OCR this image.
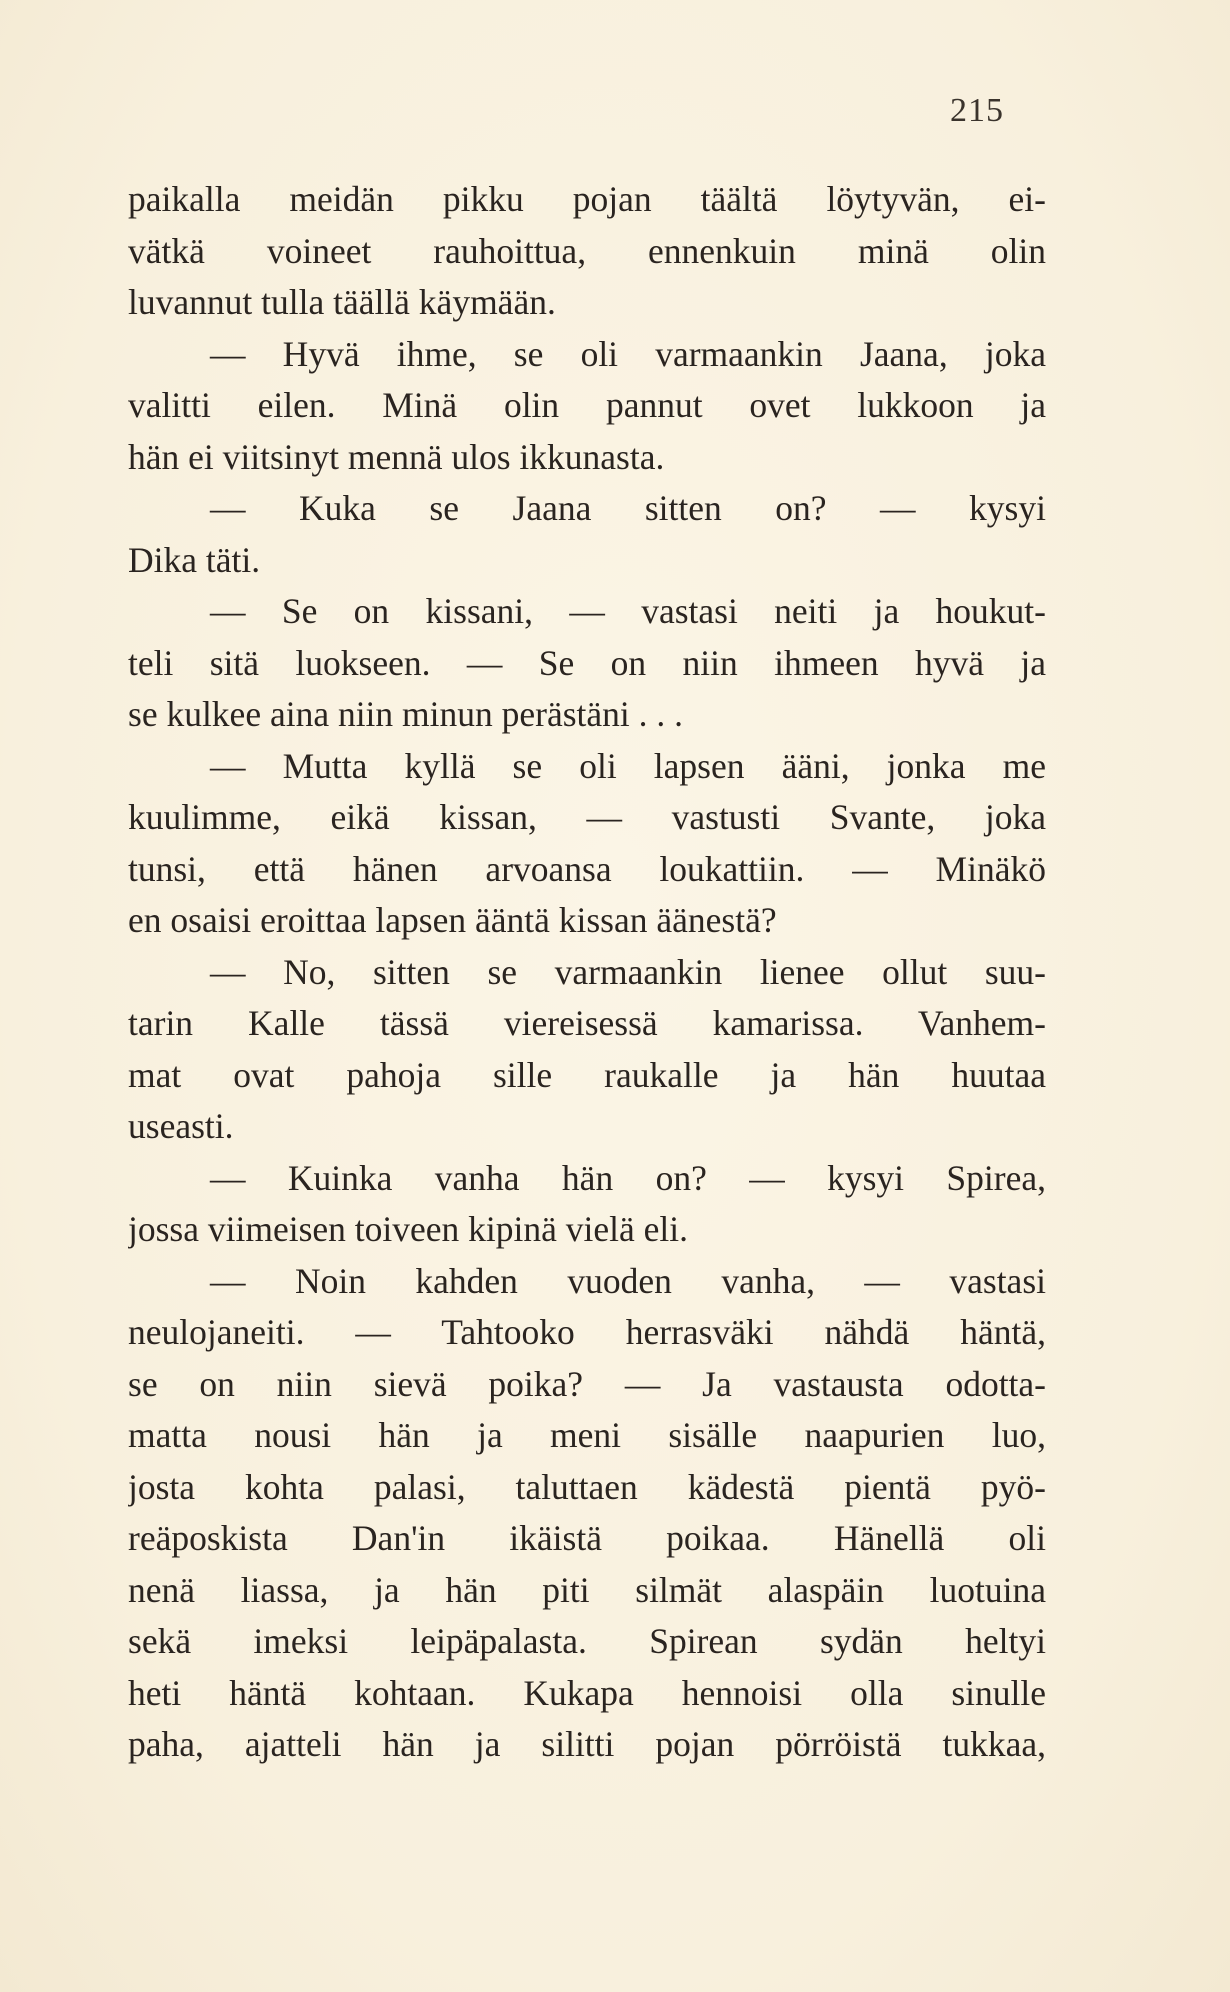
215
paikalla meidän pikku pojan täältä löytyvän, ei-
vätkä voineet rauhoittua, ennenkuin minä olin
luvannut tulla täällä käymään.
— Hyvä ihme, se oli varmaankin Jaana, joka
valitti eilen. Minä olin pannut ovet lukkoon ja
hän ei viitsinyt mennä ulos ikkunasta.
— Kuka se Jaana sitten on? — kysyi
Dika täti.
— Se on kissani, — vastasi neiti ja houkut-
teli sitä luokseen. — Se on niin ihmeen hyvä ja
se kulkee aina niin minun perästäni . . .
— Mutta kyllä se oli lapsen ääni, jonka me
kuulimme, eikä kissan, — vastusti Svante, joka
tunsi, että hänen arvoansa loukattiin. — Minäkö
en osaisi eroittaa lapsen ääntä kissan äänestä?
— No, sitten se varmaankin lienee ollut suu-
tarin Kalle tässä viereisessä kamarissa. Vanhem-
mat ovat pahoja sille raukalle ja hän huutaa
useasti.
— Kuinka vanha hän on? — kysyi Spirea,
jossa viimeisen toiveen kipinä vielä eli.
— Noin kahden vuoden vanha, — vastasi
neulojaneiti. — Tahtooko herrasväki nähdä häntä,
se on niin sievä poika? — Ja vastausta odotta-
matta nousi hän ja meni sisälle naapurien luo,
josta kohta palasi, taluttaen kädestä pientä pyö-
reäposkista Dan'in ikäistä poikaa. Hänellä oli
nenä liassa, ja hän piti silmät alaspäin luotuina
sekä imeksi leipäpalasta. Spirean sydän heltyi
heti häntä kohtaan. Kukapa hennoisi olla sinulle
paha, ajatteli hän ja silitti pojan pörröistä tukkaa,
